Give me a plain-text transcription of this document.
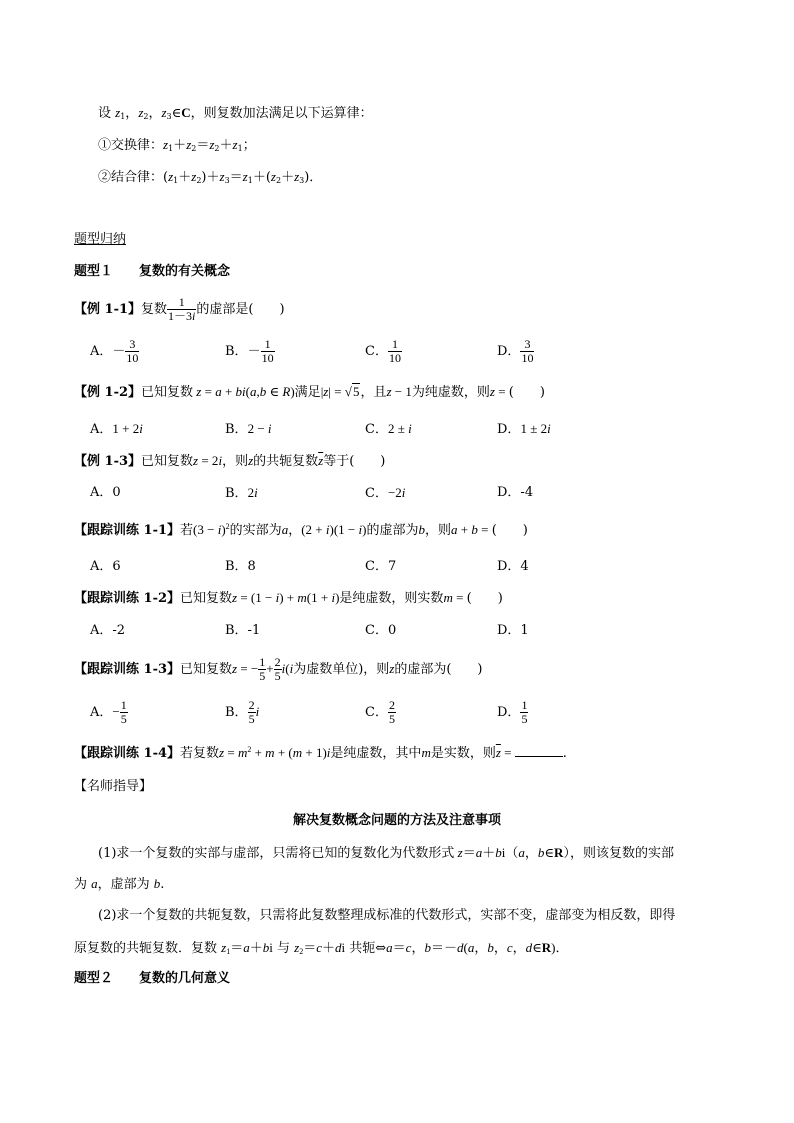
设 $z_1$，$z_2$，$z_3\in C$，则复数加法满足以下运算律：
①交换律：$z_1+z_2=z_2+z_1$；
②结合律：$(z_1+z_2)+z_3=z_1+(z_2+z_3)$．
题型归纳
题型１　　复数的有关概念
【例 1-1】复数 $\frac{1}{1-3i}$ 的虚部是(　　)
A．－ $\frac{3}{10}$	B．－ $\frac{1}{10}$	C． $\frac{1}{10}$	D． $\frac{3}{10}$
【例 1-2】已知复数 z = a + bi(a,b ∈ R)满足|z| = √5，且z − 1为纯虚数，则z = (　　)
A．1 + 2i	B．2 − i	C．2 ± i	D．1 ± 2i
【例 1-3】已知复数z = 2i，则z的共轭复数$\overline{z}$等于(　　)
A．0	B．2i	C．−2i	D．-4
【跟踪训练 1-1】若$(3 - i)^2$的实部为a，(2 + i)(1 − i)的虚部为b，则a + b = (　　)
A．6	B．8	C．7	D．4
【跟踪训练 1-2】已知复数z = (1 − i) + m(1 + i)是纯虚数，则实数m = (　　)
A．-2	B．-1	C．0	D．1
【跟踪训练 1-3】已知复数z = − $\frac{1}{5} + \frac{2}{5} i(i$为虚数单位)，则z的虚部为(　　)
A．− $\frac{1}{5}$	B． $\frac{2}{5}$ i	C． $\frac{2}{5}$	D． $\frac{1}{5}$
【跟踪训练 1-4】若复数$z = m^2 + m + (m + 1)i$是纯虚数，其中m是实数，则$\overline{z}$ =	.
【名师指导】
解决复数概念问题的方法及注意事项
(1)求一个复数的实部与虚部，只需将已知的复数化为代数形式 z＝a＋bi（a，b∈R），则该复数的实部
为 a，虚部为 b.
(2)求一个复数的共轭复数，只需将此复数整理成标准的代数形式，实部不变，虚部变为相反数，即得
原复数的共轭复数．复数 $z_1=a+bi$ 与 $z_2=c+di$ 共轭⇔a＝c，b＝－d(a，b，c，d∈R)．
题型２　　复数的几何意义
